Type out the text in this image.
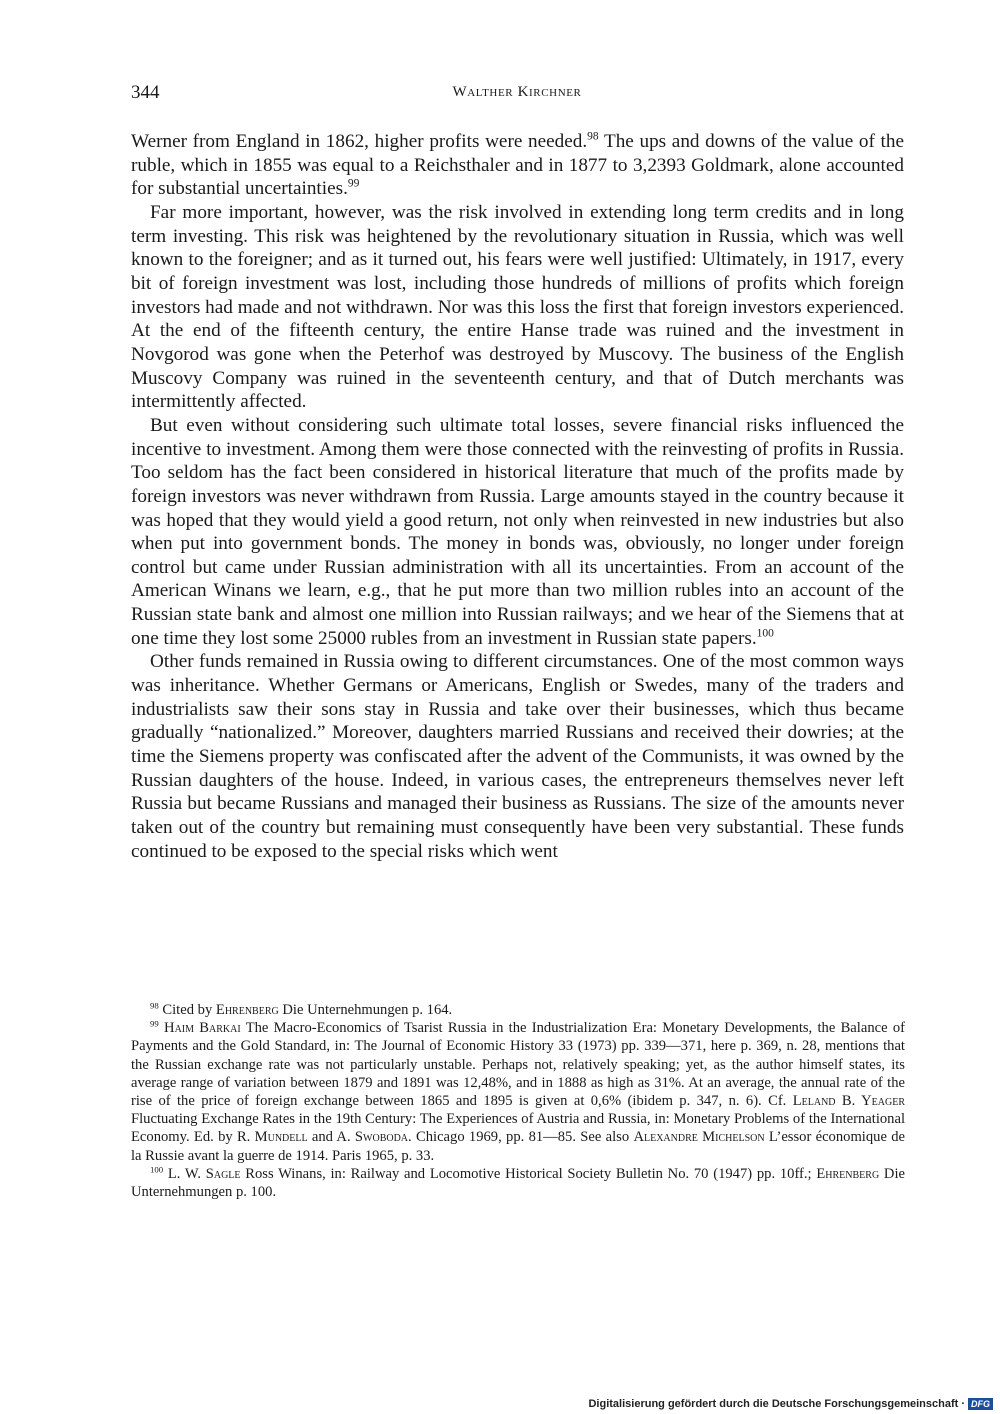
344	Walther Kirchner

Werner from England in 1862, higher profits were needed.$^{98}$ The ups and downs of the value of the ruble, which in 1855 was equal to a Reichsthaler and in 1877 to 3,2393 Goldmark, alone accounted for substantial uncertainties.$^{99}$

Far more important, however, was the risk involved in extending long term credits and in long term investing. This risk was heightened by the revolutionary situation in Russia, which was well known to the foreigner; and as it turned out, his fears were well justified: Ultimately, in 1917, every bit of foreign investment was lost, including those hundreds of millions of profits which foreign investors had made and not withdrawn. Nor was this loss the first that foreign investors experienced. At the end of the fifteenth century, the entire Hanse trade was ruined and the investment in Novgorod was gone when the Peterhof was destroyed by Muscovy. The business of the English Muscovy Company was ruined in the seventeenth century, and that of Dutch merchants was intermittently affected.

But even without considering such ultimate total losses, severe financial risks influenced the incentive to investment. Among them were those connected with the reinvesting of profits in Russia. Too seldom has the fact been considered in historical literature that much of the profits made by foreign investors was never withdrawn from Russia. Large amounts stayed in the country because it was hoped that they would yield a good return, not only when reinvested in new industries but also when put into government bonds. The money in bonds was, obviously, no longer under foreign control but came under Russian administration with all its uncertainties. From an account of the American Winans we learn, e.g., that he put more than two million rubles into an account of the Russian state bank and almost one million into Russian railways; and we hear of the Siemens that at one time they lost some 25000 rubles from an investment in Russian state papers.$^{100}$

Other funds remained in Russia owing to different circumstances. One of the most common ways was inheritance. Whether Germans or Americans, English or Swedes, many of the traders and industrialists saw their sons stay in Russia and take over their businesses, which thus became gradually “nationalized.” Moreover, daughters married Russians and received their dowries; at the time the Siemens property was confiscated after the advent of the Communists, it was owned by the Russian daughters of the house. Indeed, in various cases, the entrepreneurs themselves never left Russia but became Russians and managed their business as Russians. The size of the amounts never taken out of the country but remaining must consequently have been very substantial. These funds continued to be exposed to the special risks which went

$^{98}$ Cited by Ehrenberg Die Unternehmungen p. 164.

$^{99}$ Haim Barkai The Macro-Economics of Tsarist Russia in the Industrialization Era: Monetary Developments, the Balance of Payments and the Gold Standard, in: The Journal of Economic History 33 (1973) pp. 339—371, here p. 369, n. 28, mentions that the Russian exchange rate was not particularly unstable. Perhaps not, relatively speaking; yet, as the author himself states, its average range of variation between 1879 and 1891 was 12,48%, and in 1888 as high as 31%. At an average, the annual rate of the rise of the price of foreign exchange between 1865 and 1895 is given at 0,6% (ibidem p. 347, n. 6). Cf. Leland B. Yeager Fluctuating Exchange Rates in the 19th Century: The Experiences of Austria and Russia, in: Monetary Problems of the International Economy. Ed. by R. Mundell and A. Swoboda. Chicago 1969, pp. 81—85. See also Alexandre Michelson L’essor économique de la Russie avant la guerre de 1914. Paris 1965, p. 33.

$^{100}$ L. W. Sagle Ross Winans, in: Railway and Locomotive Historical Society Bulletin No. 70 (1947) pp. 10ff.; Ehrenberg Die Unternehmungen p. 100.

Digitalisierung gefördert durch die Deutsche Forschungsgemeinschaft · DFG
